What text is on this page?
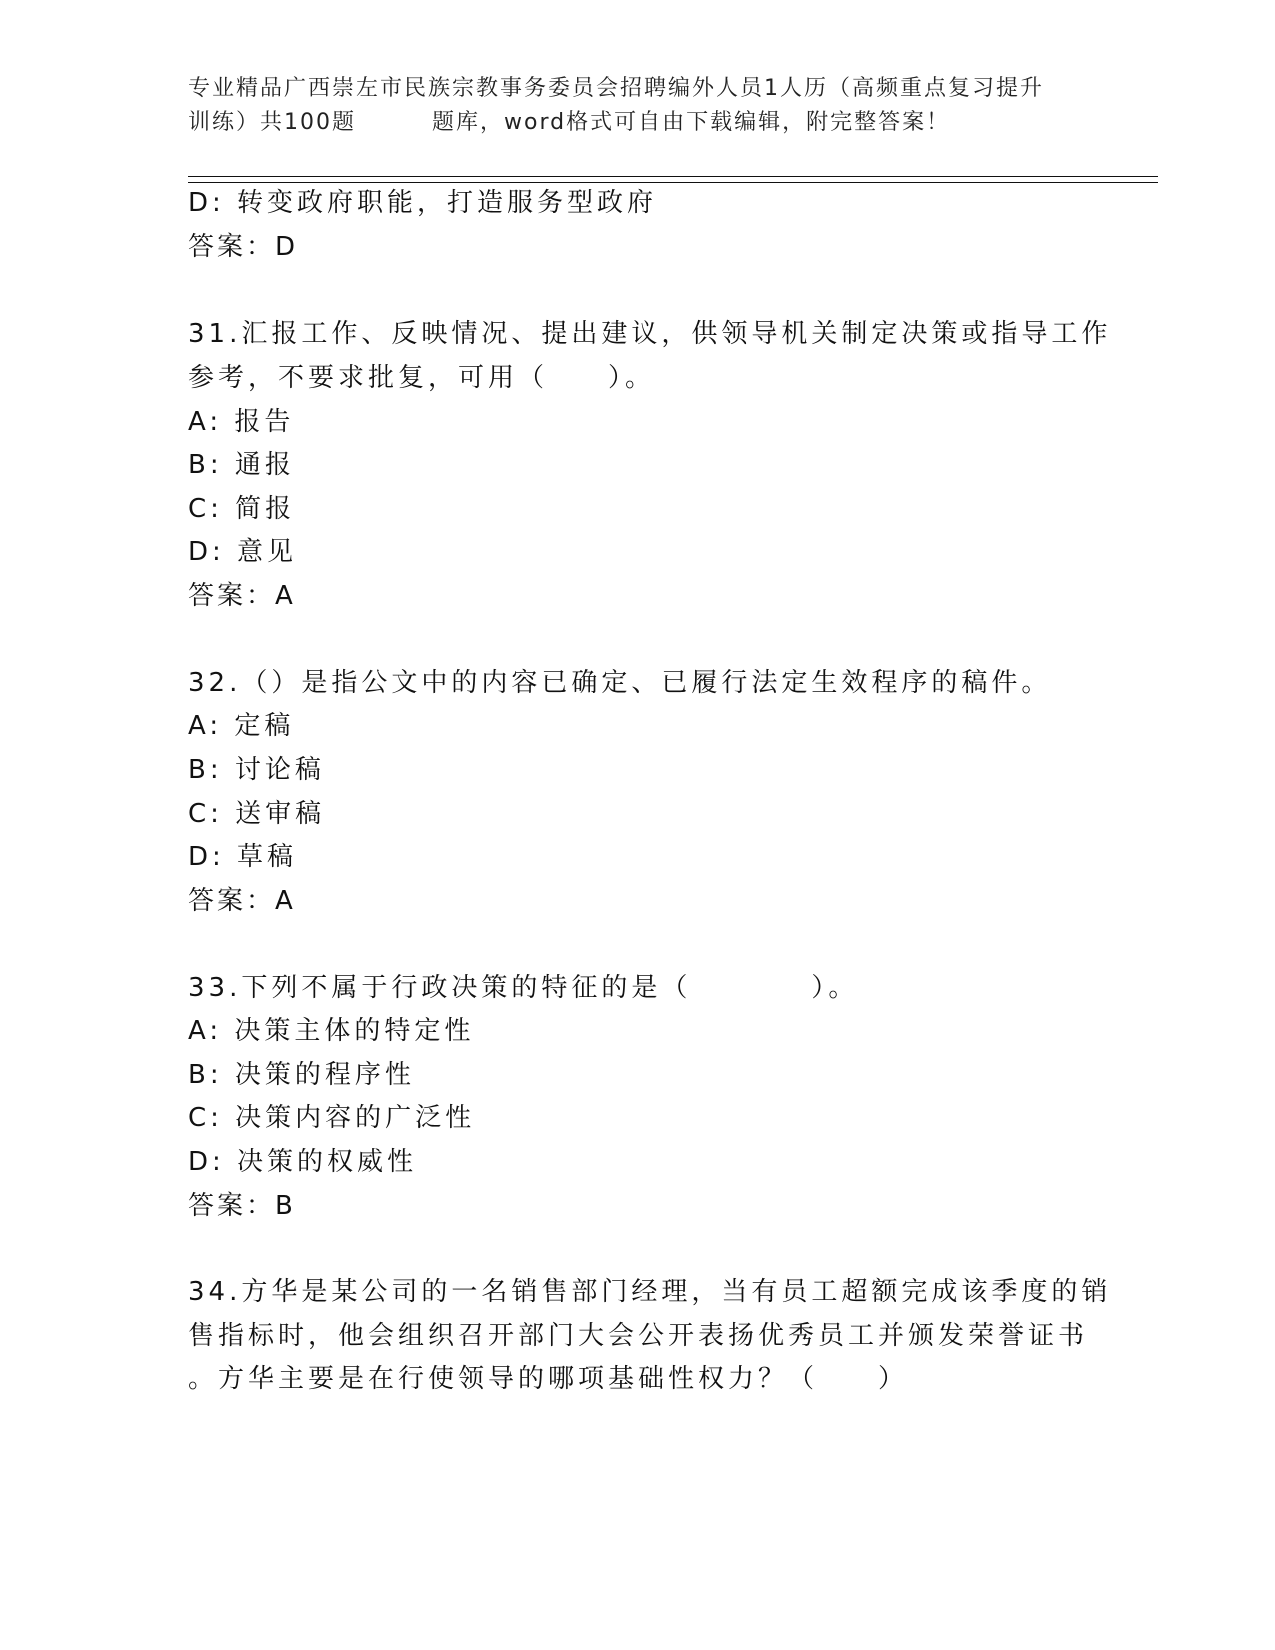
专业精品广西崇左市民族宗教事务委员会招聘编外人员1人历（高频重点复习提升
训练）共100题	题库，word格式可自由下载编辑，附完整答案！
D: 转变政府职能，打造服务型政府
答案：D
31.汇报工作、反映情况、提出建议，供领导机关制定决策或指导工作
参考，不要求批复，可用（　　）。
A: 报告
B: 通报
C: 简报
D: 意见
答案：A
32.（）是指公文中的内容已确定、已履行法定生效程序的稿件。
A: 定稿
B: 讨论稿
C: 送审稿
D: 草稿
答案：A
33.下列不属于行政决策的特征的是（　　　　）。
A: 决策主体的特定性
B: 决策的程序性
C: 决策内容的广泛性
D: 决策的权威性
答案：B
34.方华是某公司的一名销售部门经理，当有员工超额完成该季度的销
售指标时，他会组织召开部门大会公开表扬优秀员工并颁发荣誉证书
。方华主要是在行使领导的哪项基础性权力？（　　）
